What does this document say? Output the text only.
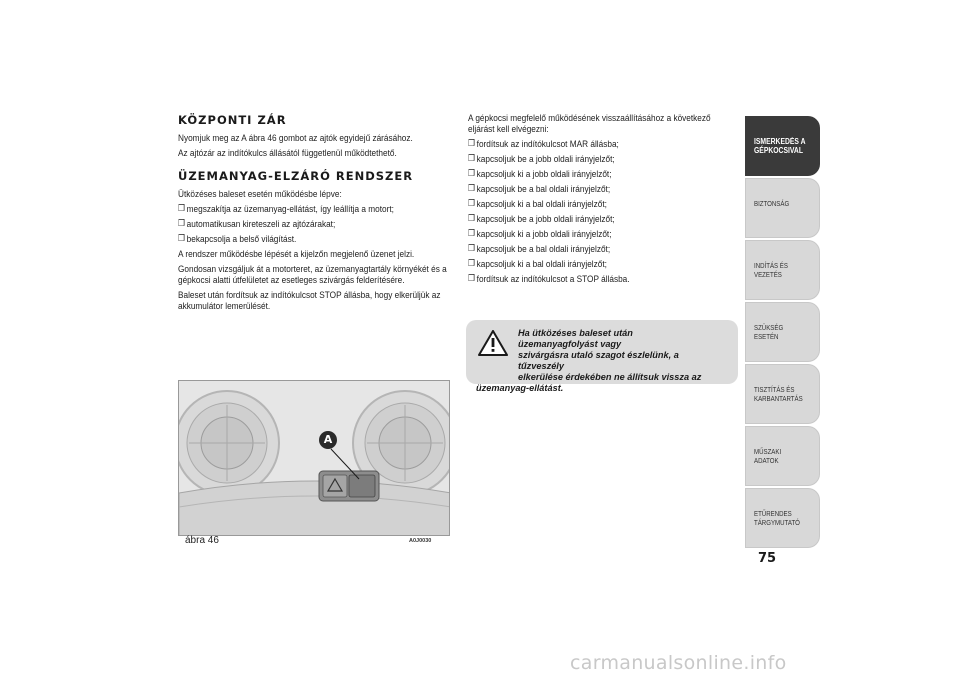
KÖZPONTI ZÁR
Nyomjuk meg az A ábra 46 gombot az ajtók egyidejű zárásához.
Az ajtózár az indítókulcs állásától függetlenül működtethető.
ÜZEMANYAG-ELZÁRÓ RENDSZER
Ütközéses baleset esetén működésbe lépve:
❒ megszakítja az üzemanyag-ellátást, így leállítja a motort;
❒ automatikusan kireteszeli az ajtózárakat;
❒ bekapcsolja a belső világítást.
A rendszer működésbe lépését a kijelzőn megjelenő üzenet jelzi.
Gondosan vizsgáljuk át a motorteret, az üzemanyagtartály környékét és a gépkocsi alatti útfelületet az esetleges szivárgás felderítésére.
Baleset után fordítsuk az indítókulcsot STOP állásba, hogy elkerüljük az akkumulátor lemerülését.
A
ábra 46	A0J0030
A gépkocsi megfelelő működésének visszaállításához a következő eljárást kell elvégezni:
❒ fordítsuk az indítókulcsot MAR állásba;
❒ kapcsoljuk be a jobb oldali irányjelzőt;
❒ kapcsoljuk ki a jobb oldali irányjelzőt;
❒ kapcsoljuk be a bal oldali irányjelzőt;
❒ kapcsoljuk ki a bal oldali irányjelzőt;
❒ kapcsoljuk be a jobb oldali irányjelzőt;
❒ kapcsoljuk ki a jobb oldali irányjelzőt;
❒ kapcsoljuk be a bal oldali irányjelzőt;
❒ kapcsoljuk ki a bal oldali irányjelzőt;
❒ fordítsuk az indítókulcsot a STOP állásba.
Ha ütközéses baleset után üzemanyagfolyást vagy
szivárgásra utaló szagot észlelünk, a tűzveszély
elkerülése érdekében ne állítsuk vissza az
üzemanyag-ellátást.
ISMERKEDÉS A GÉPKOCSIVAL
BIZTONSÁG
INDÍTÁS ÉS VEZETÉS
SZÜKSÉG ESETÉN
TISZTÍTÁS ÉS KARBANTARTÁS
MŰSZAKI ADATOK
ETŰRENDES TÁRGYMUTATÓ
75
carmanualsonline.info
